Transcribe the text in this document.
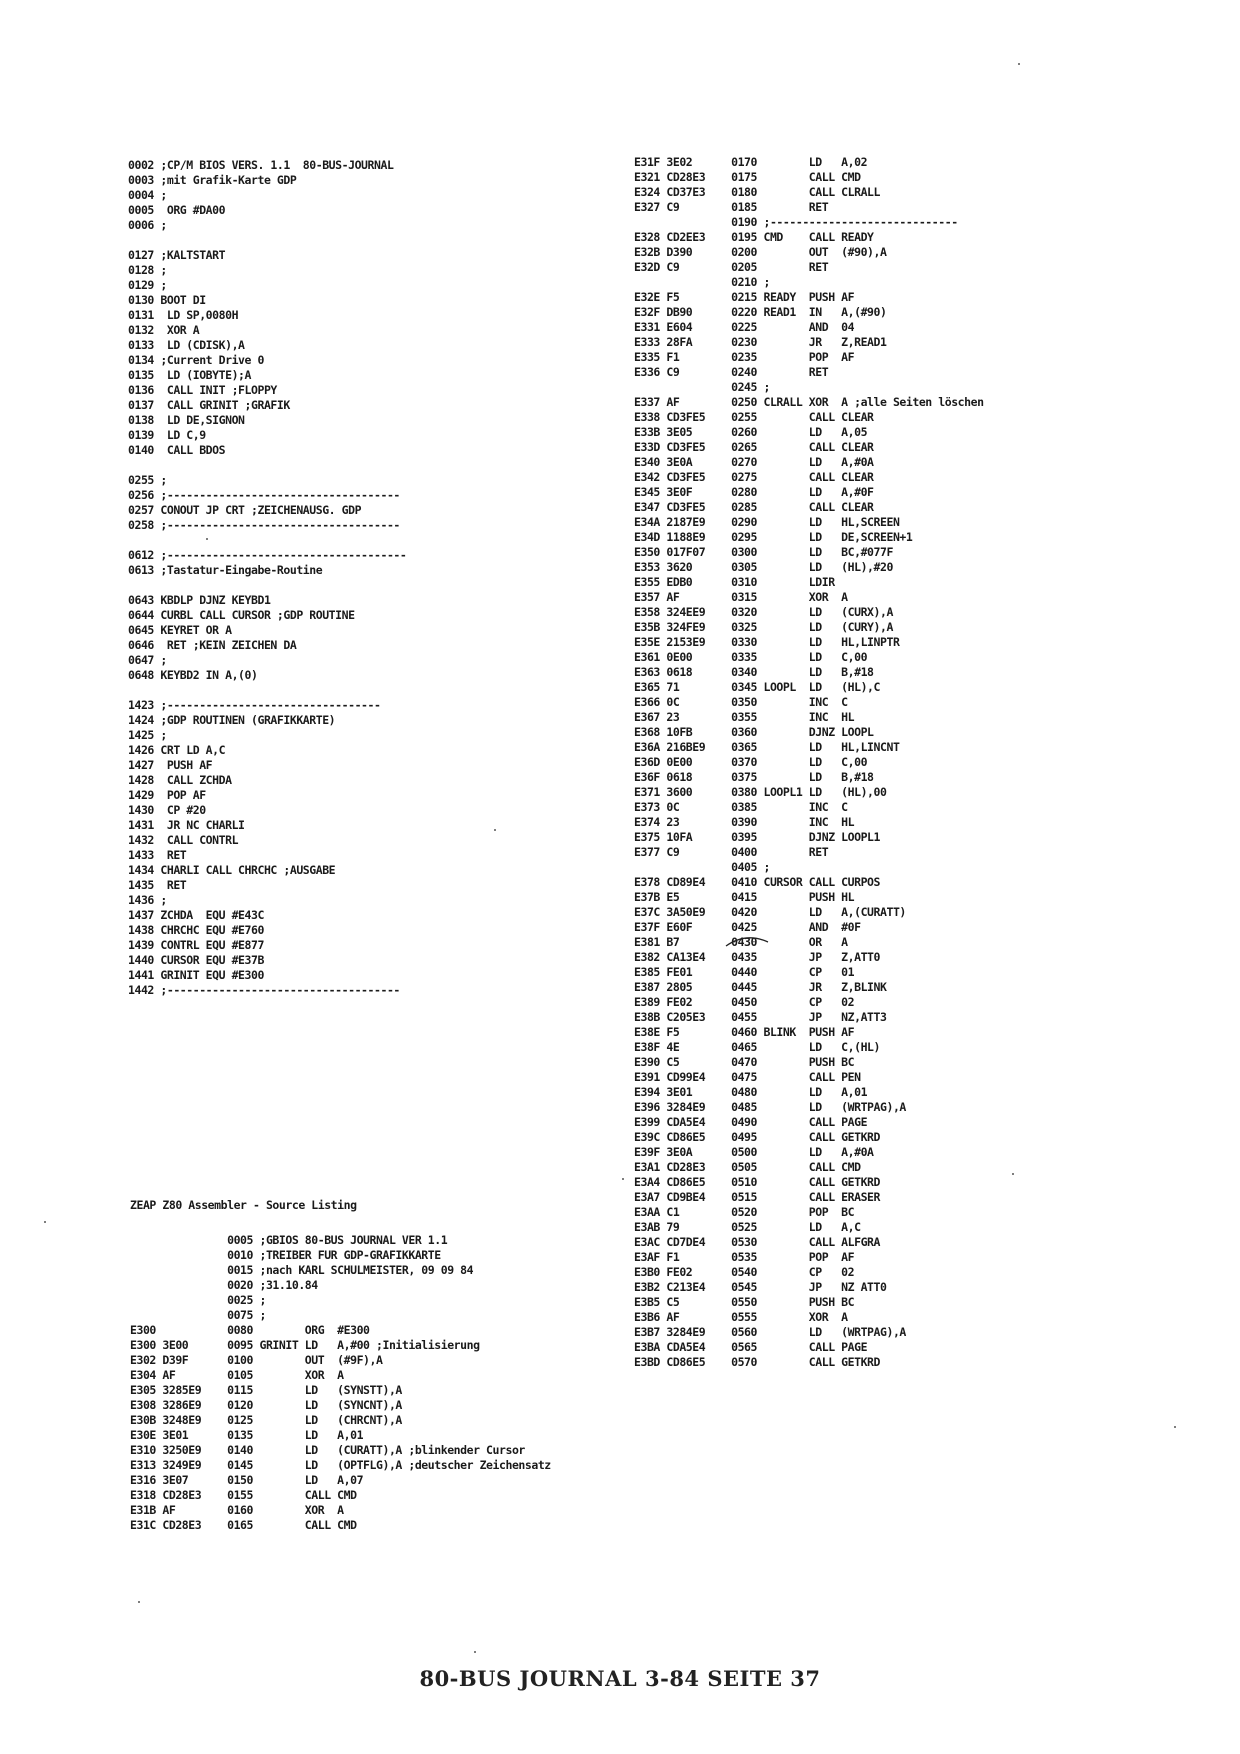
0002 ;CP/M BIOS VERS. 1.1  80-BUS-JOURNAL
0003 ;mit Grafik-Karte GDP
0004 ;
0005  ORG #DA00
0006 ;
0127 ;KALTSTART
0128 ;
0129 ;
0130 BOOT DI
0131  LD SP,0080H
0132  XOR A
0133  LD (CDISK),A
0134 ;Current Drive 0
0135  LD (IOBYTE);A
0136  CALL INIT ;FLOPPY
0137  CALL GRINIT ;GRAFIK
0138  LD DE,SIGNON
0139  LD C,9
0140  CALL BDOS
0255 ;
0256 ;------------------------------------
0257 CONOUT JP CRT ;ZEICHENAUSG. GDP
0258 ;------------------------------------
0612 ;-------------------------------------
0613 ;Tastatur-Eingabe-Routine
0643 KBDLP DJNZ KEYBD1
0644 CURBL CALL CURSOR ;GDP ROUTINE
0645 KEYRET OR A
0646  RET ;KEIN ZEICHEN DA
0647 ;
0648 KEYBD2 IN A,(0)
1423 ;---------------------------------
1424 ;GDP ROUTINEN (GRAFIKKARTE)
1425 ;
1426 CRT LD A,C
1427  PUSH AF
1428  CALL ZCHDA
1429  POP AF
1430  CP #20
1431  JR NC CHARLI
1432  CALL CONTRL
1433  RET
1434 CHARLI CALL CHRCHC ;AUSGABE
1435  RET
1436 ;
1437 ZCHDA  EQU #E43C
1438 CHRCHC EQU #E760
1439 CONTRL EQU #E877
1440 CURSOR EQU #E37B
1441 GRINIT EQU #E300
1442 ;------------------------------------
ZEAP Z80 Assembler - Source Listing
0005 ;GBIOS 80-BUS JOURNAL VER 1.1
0010 ;TREIBER FUR GDP-GRAFIKKARTE
0015 ;nach KARL SCHULMEISTER, 09 09 84
0020 ;31.10.84
0025 ;
0075 ;
E300           0080        ORG  #E300
E300 3E00      0095 GRINIT LD   A,#00 ;Initialisierung
E302 D39F      0100        OUT  (#9F),A
E304 AF        0105        XOR  A
E305 3285E9    0115        LD   (SYNSTT),A
E308 3286E9    0120        LD   (SYNCNT),A
E30B 3248E9    0125        LD   (CHRCNT),A
E30E 3E01      0135        LD   A,01
E310 3250E9    0140        LD   (CURATT),A ;blinkender Cursor
E313 3249E9    0145        LD   (OPTFLG),A ;deutscher Zeichensatz
E316 3E07      0150        LD   A,07
E318 CD28E3    0155        CALL CMD
E31B AF        0160        XOR  A
E31C CD28E3    0165        CALL CMD
E31F 3E02      0170        LD   A,02
E321 CD28E3    0175        CALL CMD
E324 CD37E3    0180        CALL CLRALL
E327 C9        0185        RET
0190 ;-----------------------------
E328 CD2EE3    0195 CMD    CALL READY
E32B D390      0200        OUT  (#90),A
E32D C9        0205        RET
0210 ;
E32E F5        0215 READY  PUSH AF
E32F DB90      0220 READ1  IN   A,(#90)
E331 E604      0225        AND  04
E333 28FA      0230        JR   Z,READ1
E335 F1        0235        POP  AF
E336 C9        0240        RET
0245 ;
E337 AF        0250 CLRALL XOR  A ;alle Seiten löschen
E338 CD3FE5    0255        CALL CLEAR
E33B 3E05      0260        LD   A,05
E33D CD3FE5    0265        CALL CLEAR
E340 3E0A      0270        LD   A,#0A
E342 CD3FE5    0275        CALL CLEAR
E345 3E0F      0280        LD   A,#0F
E347 CD3FE5    0285        CALL CLEAR
E34A 2187E9    0290        LD   HL,SCREEN
E34D 1188E9    0295        LD   DE,SCREEN+1
E350 017F07    0300        LD   BC,#077F
E353 3620      0305        LD   (HL),#20
E355 EDB0      0310        LDIR
E357 AF        0315        XOR  A
E358 324EE9    0320        LD   (CURX),A
E35B 324FE9    0325        LD   (CURY),A
E35E 2153E9    0330        LD   HL,LINPTR
E361 0E00      0335        LD   C,00
E363 0618      0340        LD   B,#18
E365 71        0345 LOOPL  LD   (HL),C
E366 0C        0350        INC  C
E367 23        0355        INC  HL
E368 10FB      0360        DJNZ LOOPL
E36A 216BE9    0365        LD   HL,LINCNT
E36D 0E00      0370        LD   C,00
E36F 0618      0375        LD   B,#18
E371 3600      0380 LOOPL1 LD   (HL),00
E373 0C        0385        INC  C
E374 23        0390        INC  HL
E375 10FA      0395        DJNZ LOOPL1
E377 C9        0400        RET
0405 ;
E378 CD89E4    0410 CURSOR CALL CURPOS
E37B E5        0415        PUSH HL
E37C 3A50E9    0420        LD   A,(CURATT)
E37F E60F      0425        AND  #0F
E381 B7        0430        OR   A
E382 CA13E4    0435        JP   Z,ATT0
E385 FE01      0440        CP   01
E387 2805      0445        JR   Z,BLINK
E389 FE02      0450        CP   02
E38B C205E3    0455        JP   NZ,ATT3
E38E F5        0460 BLINK  PUSH AF
E38F 4E        0465        LD   C,(HL)
E390 C5        0470        PUSH BC
E391 CD99E4    0475        CALL PEN
E394 3E01      0480        LD   A,01
E396 3284E9    0485        LD   (WRTPAG),A
E399 CDA5E4    0490        CALL PAGE
E39C CD86E5    0495        CALL GETKRD
E39F 3E0A      0500        LD   A,#0A
E3A1 CD28E3    0505        CALL CMD
E3A4 CD86E5    0510        CALL GETKRD
E3A7 CD9BE4    0515        CALL ERASER
E3AA C1        0520        POP  BC
E3AB 79        0525        LD   A,C
E3AC CD7DE4    0530        CALL ALFGRA
E3AF F1        0535        POP  AF
E3B0 FE02      0540        CP   02
E3B2 C213E4    0545        JP   NZ ATT0
E3B5 C5        0550        PUSH BC
E3B6 AF        0555        XOR  A
E3B7 3284E9    0560        LD   (WRTPAG),A
E3BA CDA5E4    0565        CALL PAGE
E3BD CD86E5    0570        CALL GETKRD
80-BUS JOURNAL 3-84 SEITE 37
